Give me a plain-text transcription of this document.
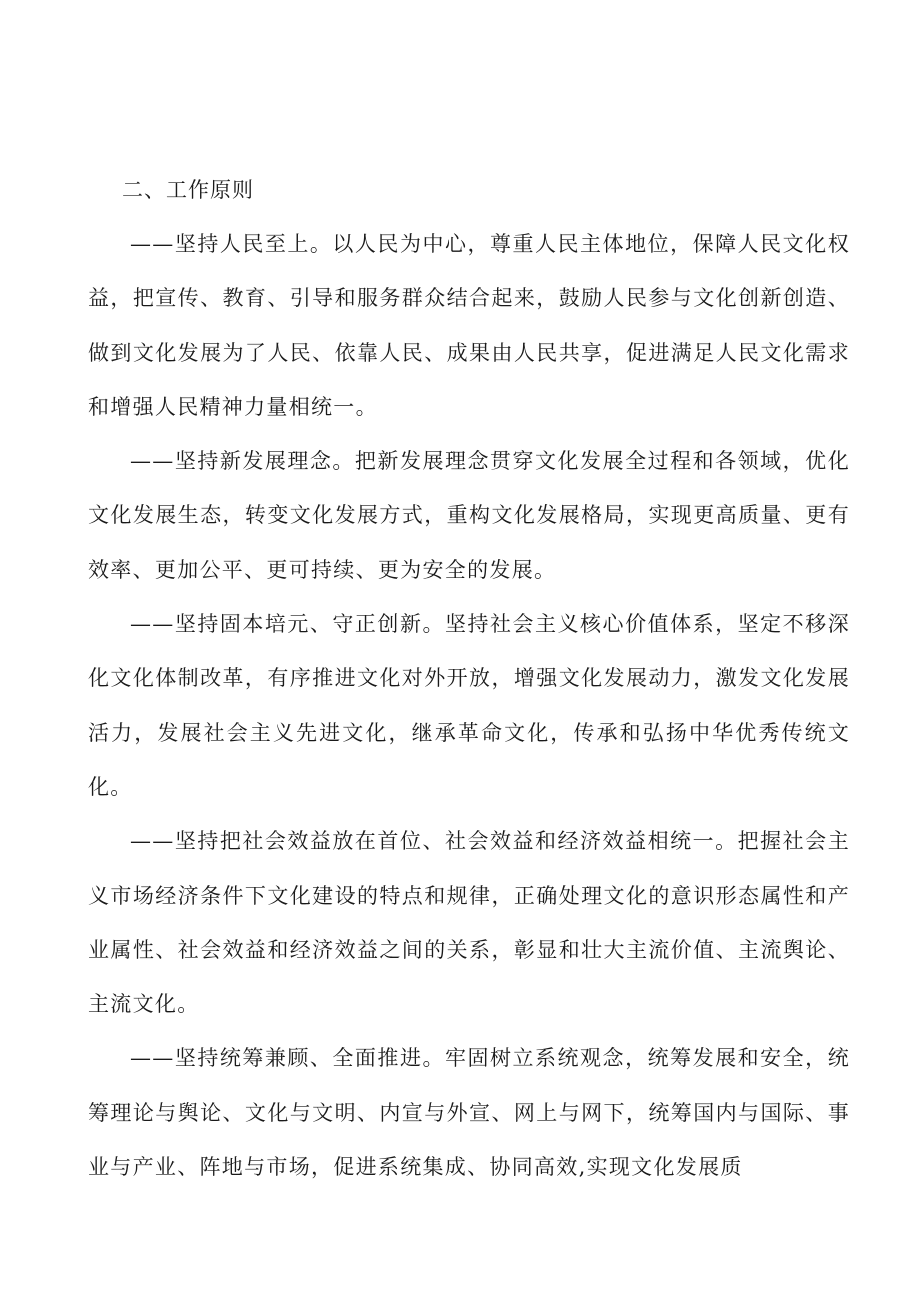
二、工作原则

——坚持人民至上。以人民为中心，尊重人民主体地位，保障人民文化权益，把宣传、教育、引导和服务群众结合起来，鼓励人民参与文化创新创造、做到文化发展为了人民、依靠人民、成果由人民共享，促进满足人民文化需求和增强人民精神力量相统一。

——坚持新发展理念。把新发展理念贯穿文化发展全过程和各领域，优化文化发展生态，转变文化发展方式，重构文化发展格局，实现更高质量、更有效率、更加公平、更可持续、更为安全的发展。

——坚持固本培元、守正创新。坚持社会主义核心价值体系，坚定不移深化文化体制改革，有序推进文化对外开放，增强文化发展动力，激发文化发展活力，发展社会主义先进文化，继承革命文化，传承和弘扬中华优秀传统文化。

——坚持把社会效益放在首位、社会效益和经济效益相统一。把握社会主义市场经济条件下文化建设的特点和规律，正确处理文化的意识形态属性和产业属性、社会效益和经济效益之间的关系，彰显和壮大主流价值、主流舆论、主流文化。

——坚持统筹兼顾、全面推进。牢固树立系统观念，统筹发展和安全，统筹理论与舆论、文化与文明、内宣与外宣、网上与网下，统筹国内与国际、事业与产业、阵地与市场，促进系统集成、协同高效,实现文化发展质
